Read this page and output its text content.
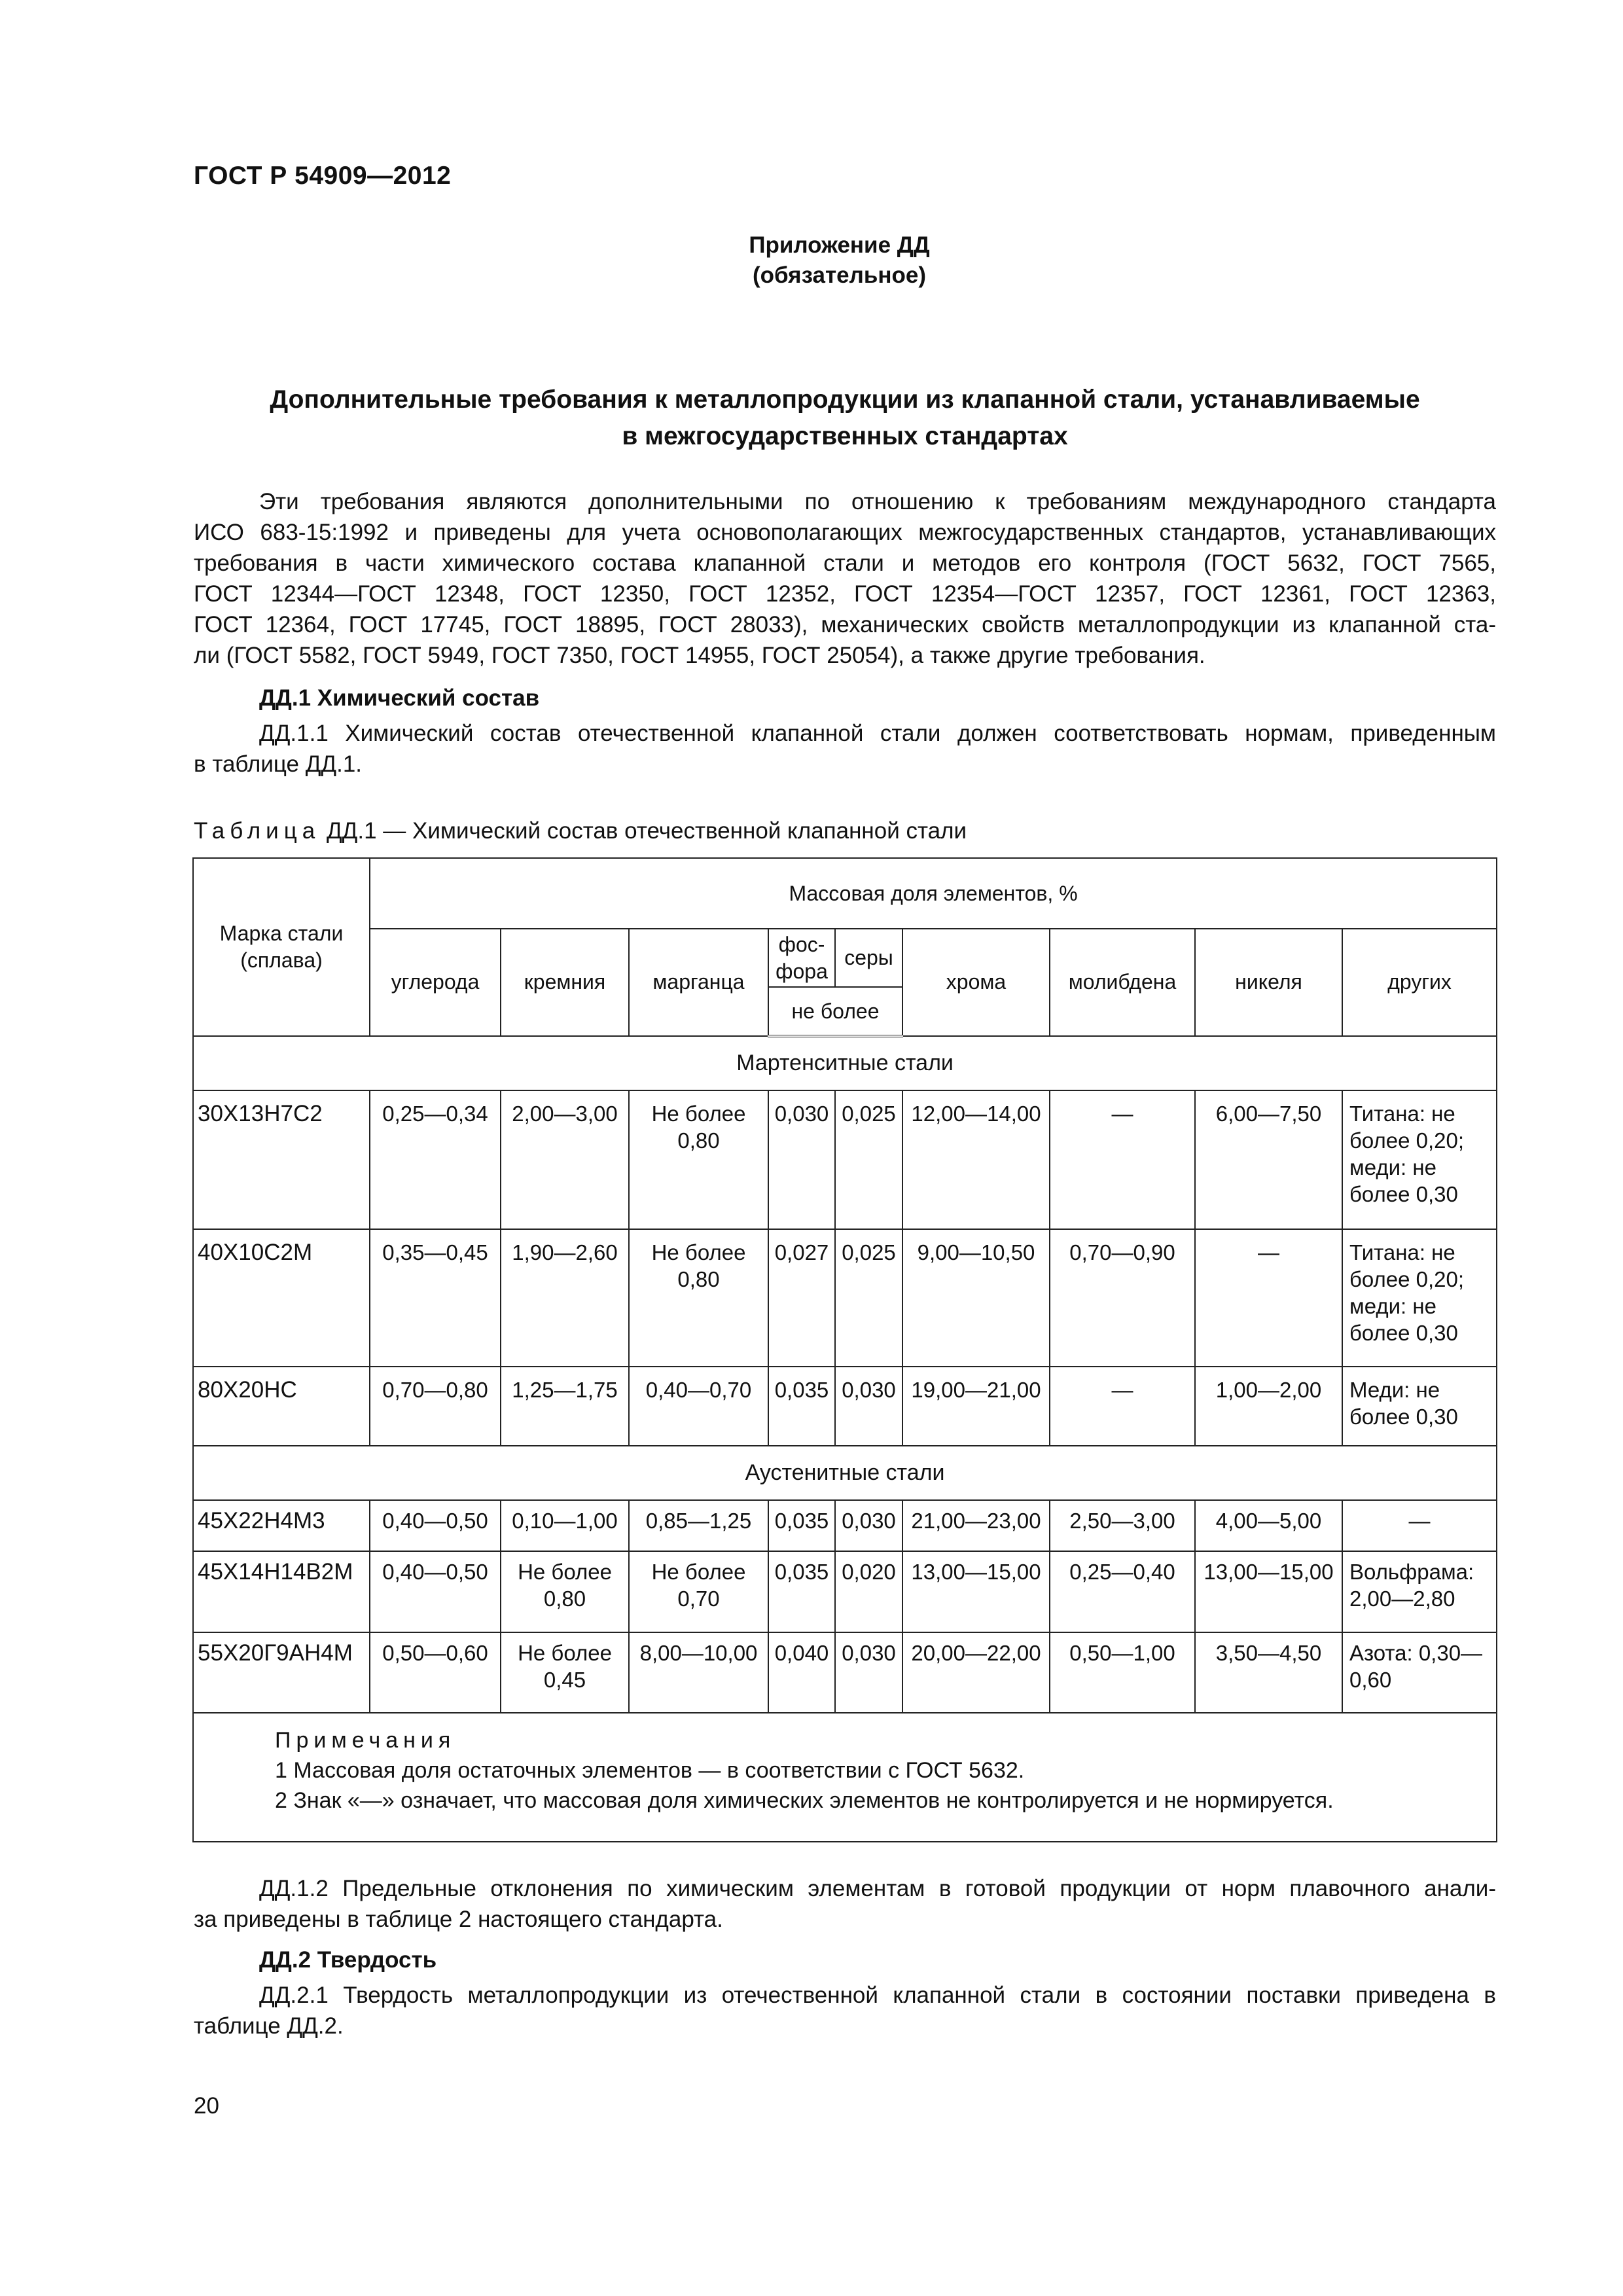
ГОСТ Р 54909—2012
Приложение ДД
(обязательное)
Дополнительные требования к металлопродукции из клапанной стали, устанавливаемые
в межгосударственных стандартах
Эти требования являются дополнительными по отношению к требованиям международного стандарта
ИСО 683-15:1992 и приведены для учета основополагающих межгосударственных стандартов, устанавливающих
требования в части химического состава клапанной стали и методов его контроля (ГОСТ 5632, ГОСТ 7565,
ГОСТ 12344—ГОСТ 12348, ГОСТ 12350, ГОСТ 12352, ГОСТ 12354—ГОСТ 12357, ГОСТ 12361, ГОСТ 12363,
ГОСТ 12364, ГОСТ 17745, ГОСТ 18895, ГОСТ 28033), механических свойств металлопродукции из клапанной ста-
ли (ГОСТ 5582, ГОСТ 5949, ГОСТ 7350, ГОСТ 14955, ГОСТ 25054), а также другие требования.
ДД.1 Химический состав
ДД.1.1 Химический состав отечественной клапанной стали должен соответствовать нормам, приведенным
в таблице ДД.1.
Таблица ДД.1 — Химический состав отечественной клапанной стали
Марка стали (сплава)	Массовая доля элементов, %								
	углерода	кремния	марганца	фос-фора	серы	хрома	молибдена	никеля	других
				не более					
Мартенситные стали									
30Х13Н7С2	0,25—0,34	2,00—3,00	Не более 0,80	0,030	0,025	12,00—14,00	—	6,00—7,50	Титана: не более 0,20; меди: не более 0,30
40Х10С2М	0,35—0,45	1,90—2,60	Не более 0,80	0,027	0,025	9,00—10,50	0,70—0,90	—	Титана: не более 0,20; меди: не более 0,30
80Х20НС	0,70—0,80	1,25—1,75	0,40—0,70	0,035	0,030	19,00—21,00	—	1,00—2,00	Меди: не более 0,30
Аустенитные стали									
45Х22Н4М3	0,40—0,50	0,10—1,00	0,85—1,25	0,035	0,030	21,00—23,00	2,50—3,00	4,00—5,00	—
45Х14Н14В2М	0,40—0,50	Не более 0,80	Не более 0,70	0,035	0,020	13,00—15,00	0,25—0,40	13,00—15,00	Вольфрама: 2,00—2,80
55Х20Г9АН4М	0,50—0,60	Не более 0,45	8,00—10,00	0,040	0,030	20,00—22,00	0,50—1,00	3,50—4,50	Азота: 0,30—0,60

Примечания
1 Массовая доля остаточных элементов — в соответствии с ГОСТ 5632.
2 Знак «—» означает, что массовая доля химических элементов не контролируется и не нормируется.									
ДД.1.2 Предельные отклонения по химическим элементам в готовой продукции от норм плавочного анали-
за приведены в таблице 2 настоящего стандарта.
ДД.2 Твердость
ДД.2.1 Твердость металлопродукции из отечественной клапанной стали в состоянии поставки приведена в
таблице ДД.2.
20
